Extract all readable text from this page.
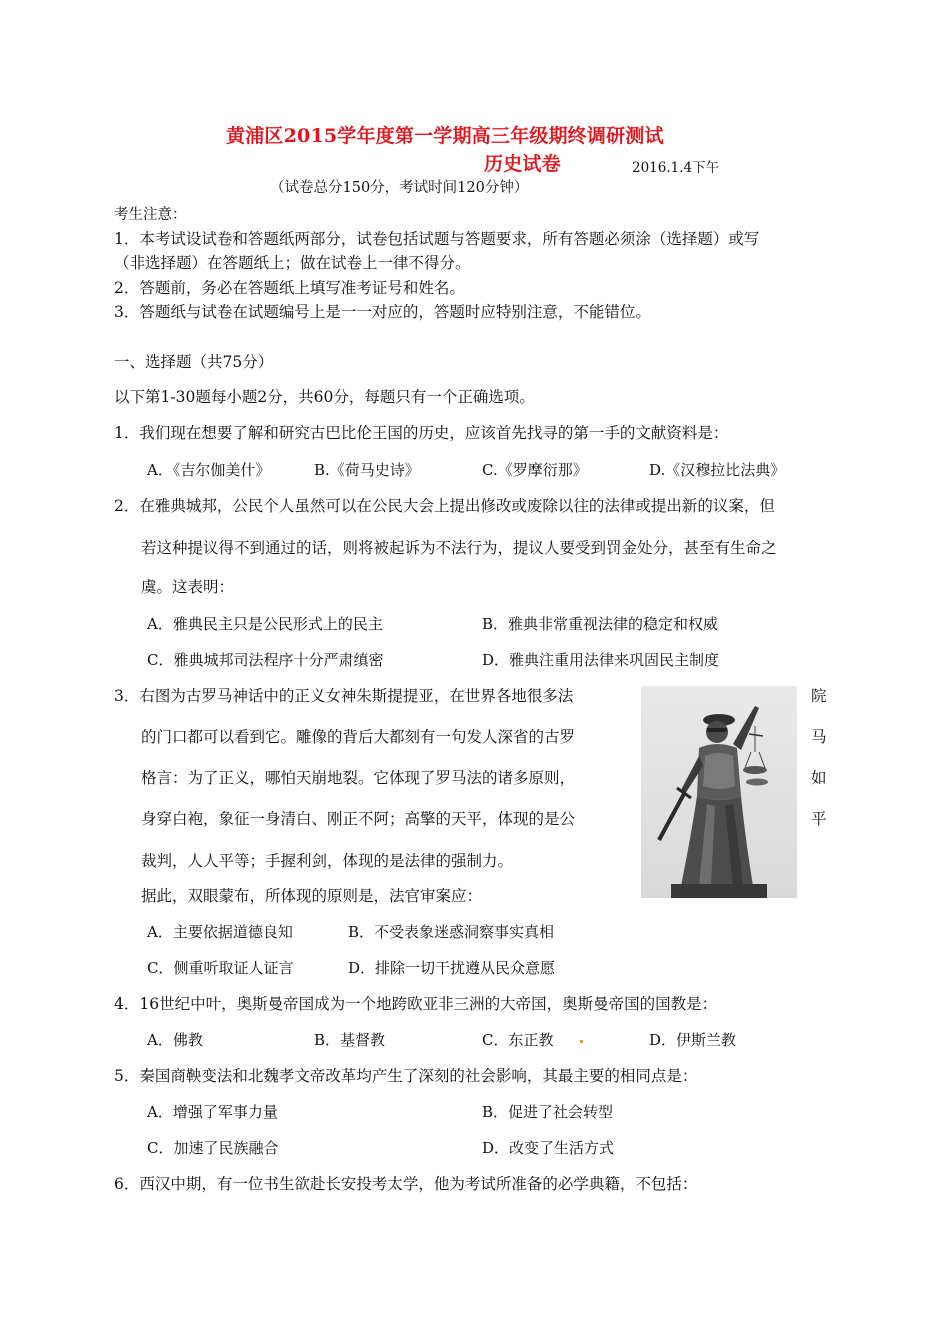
黄浦区2015学年度第一学期高三年级期终调研测试
历史试卷	2016.1.4下午
（试卷总分150分，考试时间120分钟）
考生注意：
1．本考试设试卷和答题纸两部分，试卷包括试题与答题要求，所有答题必须涂（选择题）或写
（非选择题）在答题纸上；做在试卷上一律不得分。
2．答题前，务必在答题纸上填写准考证号和姓名。
3．答题纸与试卷在试题编号上是一一对应的，答题时应特别注意，不能错位。
一、选择题（共75分）
以下第1-30题每小题2分，共60分，每题只有一个正确选项。
1．我们现在想要了解和研究古巴比伦王国的历史，应该首先找寻的第一手的文献资料是：
A．《吉尔伽美什》	B.《荷马史诗》	C.《罗摩衍那》	D.《汉穆拉比法典》
2．在雅典城邦，公民个人虽然可以在公民大会上提出修改或废除以往的法律或提出新的议案，但
若这种提议得不到通过的话，则将被起诉为不法行为，提议人要受到罚金处分，甚至有生命之
虞。这表明：
A．雅典民主只是公民形式上的民主	B．雅典非常重视法律的稳定和权威
C．雅典城邦司法程序十分严肃缜密	D．雅典注重用法律来巩固民主制度
3．右图为古罗马神话中的正义女神朱斯提提亚，在世界各地很多法	院
的门口都可以看到它。雕像的背后大都刻有一句发人深省的古罗	马
格言：为了正义，哪怕天崩地裂。它体现了罗马法的诸多原则，	如
身穿白袍，象征一身清白、刚正不阿；高擎的天平，体现的是公	平
裁判，人人平等；手握利剑，体现的是法律的强制力。
据此，双眼蒙布，所体现的原则是，法官审案应：
A．主要依据道德良知	B．不受表象迷惑洞察事实真相
C．侧重听取证人证言	D．排除一切干扰遵从民众意愿
4．16世纪中叶，奥斯曼帝国成为一个地跨欧亚非三洲的大帝国，奥斯曼帝国的国教是：
A．佛教	B．基督教	C．东正教	D．伊斯兰教
5．秦国商鞅变法和北魏孝文帝改革均产生了深刻的社会影响，其最主要的相同点是：
A．增强了军事力量	B．促进了社会转型
C．加速了民族融合	D．改变了生活方式
6．西汉中期，有一位书生欲赴长安投考太学，他为考试所准备的必学典籍，不包括：
